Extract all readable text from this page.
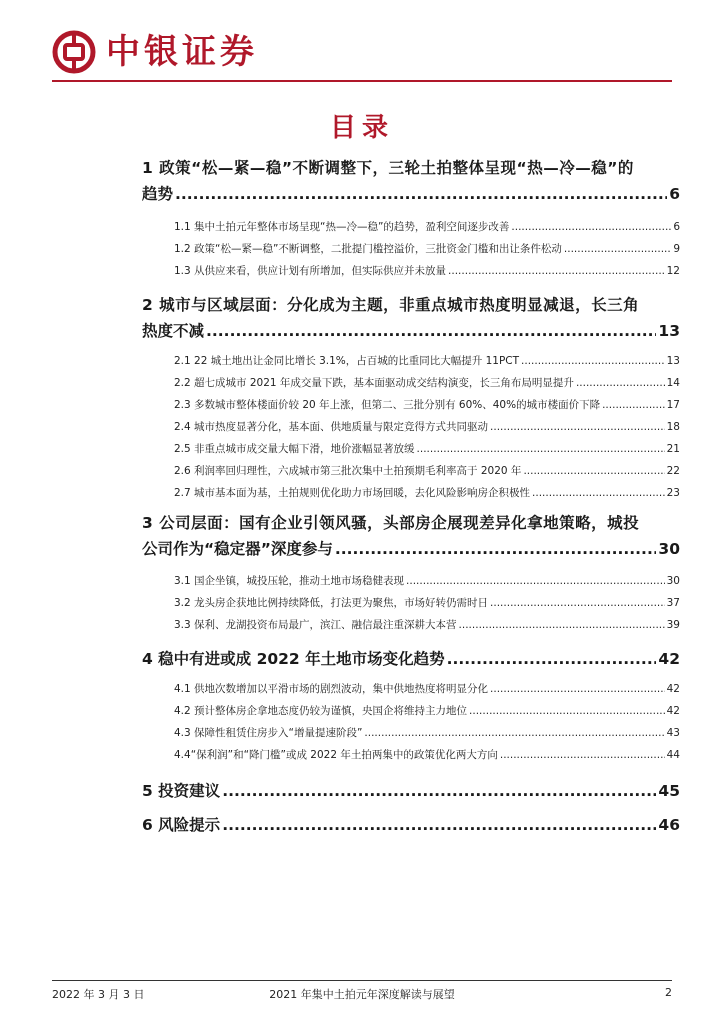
中银证券
目录
1 政策“松—紧—稳”不断调整下，三轮土拍整体呈现“热—冷—稳”的
趋势 .....	6
1.1 集中土拍元年整体市场呈现“热—冷—稳”的趋势，盈利空间逐步改善 .....	6
1.2 政策“松—紧—稳”不断调整，二批提门槛控溢价，三批资金门槛和出让条件松动 .....	9
1.3 从供应来看，供应计划有所增加，但实际供应并未放量 .....	12
2 城市与区域层面：分化成为主题，非重点城市热度明显减退，长三角
热度不减 .....	13
2.1 22 城土地出让金同比增长 3.1%，占百城的比重同比大幅提升 11PCT .....	13
2.2 超七成城市 2021 年成交量下跌，基本面驱动成交结构演变，长三角布局明显提升 .....	14
2.3 多数城市整体楼面价较 20 年上涨，但第二、三批分别有 60%、40%的城市楼面价下降 .....	17
2.4 城市热度显著分化，基本面、供地质量与限定竞得方式共同驱动 .....	18
2.5 非重点城市成交量大幅下滑，地价涨幅显著放缓 .....	21
2.6 利润率回归理性，六成城市第三批次集中土拍预期毛利率高于 2020 年 .....	22
2.7 城市基本面为基，土拍规则优化助力市场回暖，去化风险影响房企积极性 .....	23
3 公司层面：国有企业引领风骚，头部房企展现差异化拿地策略，城投
公司作为“稳定器”深度参与 .....	30
3.1 国企坐镇，城投压轮，推动土地市场稳健表现 .....	30
3.2 龙头房企获地比例持续降低，打法更为聚焦，市场好转仍需时日 .....	37
3.3 保利、龙湖投资布局最广，滨江、融信最注重深耕大本营 .....	39
4 稳中有进或成 2022 年土地市场变化趋势 .....	42
4.1 供地次数增加以平滑市场的剧烈波动，集中供地热度将明显分化 .....	42
4.2 预计整体房企拿地态度仍较为谨慎，央国企将维持主力地位 .....	42
4.3 保障性租赁住房步入“增量提速阶段” .....	43
4.4“保利润”和“降门槛”或成 2022 年土拍两集中的政策优化两大方向 .....	44
5 投资建议 .....	45
6 风险提示 .....	46
2022 年 3 月 3 日	2021 年集中土拍元年深度解读与展望	2
